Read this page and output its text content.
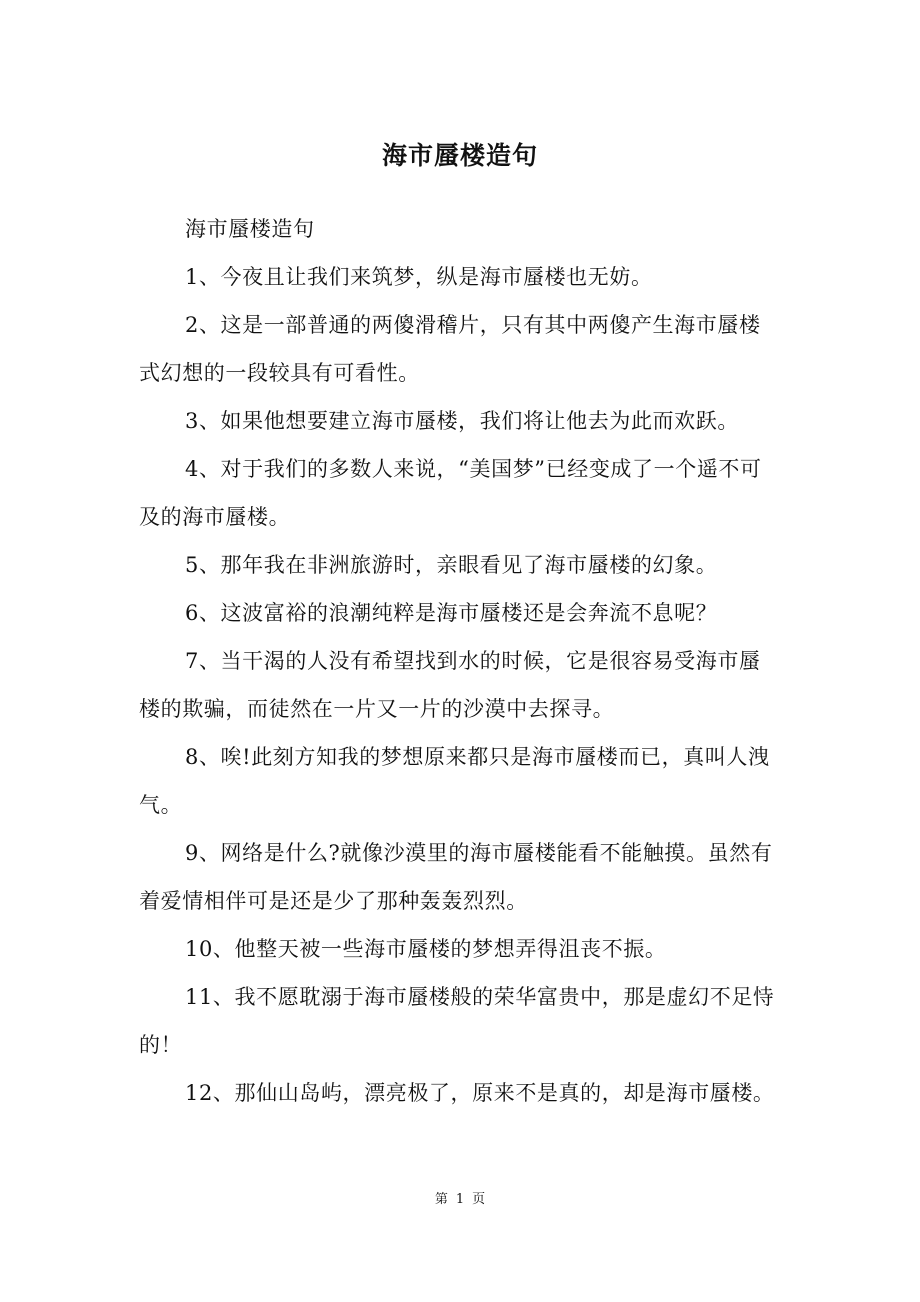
海市蜃楼造句

海市蜃楼造句

1、今夜且让我们来筑梦，纵是海市蜃楼也无妨。

2、这是一部普通的两傻滑稽片，只有其中两傻产生海市蜃楼式幻想的一段较具有可看性。

3、如果他想要建立海市蜃楼，我们将让他去为此而欢跃。

4、对于我们的多数人来说，“美国梦”已经变成了一个遥不可及的海市蜃楼。

5、那年我在非洲旅游时，亲眼看见了海市蜃楼的幻象。

6、这波富裕的浪潮纯粹是海市蜃楼还是会奔流不息呢？

7、当干渴的人没有希望找到水的时候，它是很容易受海市蜃楼的欺骗，而徒然在一片又一片的沙漠中去探寻。

8、唉!此刻方知我的梦想原来都只是海市蜃楼而已，真叫人洩气。

9、网络是什么?就像沙漠里的海市蜃楼能看不能触摸。虽然有着爱情相伴可是还是少了那种轰轰烈烈。

10、他整天被一些海市蜃楼的梦想弄得沮丧不振。

11、我不愿耽溺于海市蜃楼般的荣华富贵中，那是虚幻不足恃的！

12、那仙山岛屿，漂亮极了，原来不是真的，却是海市蜃楼。

第 1 页
